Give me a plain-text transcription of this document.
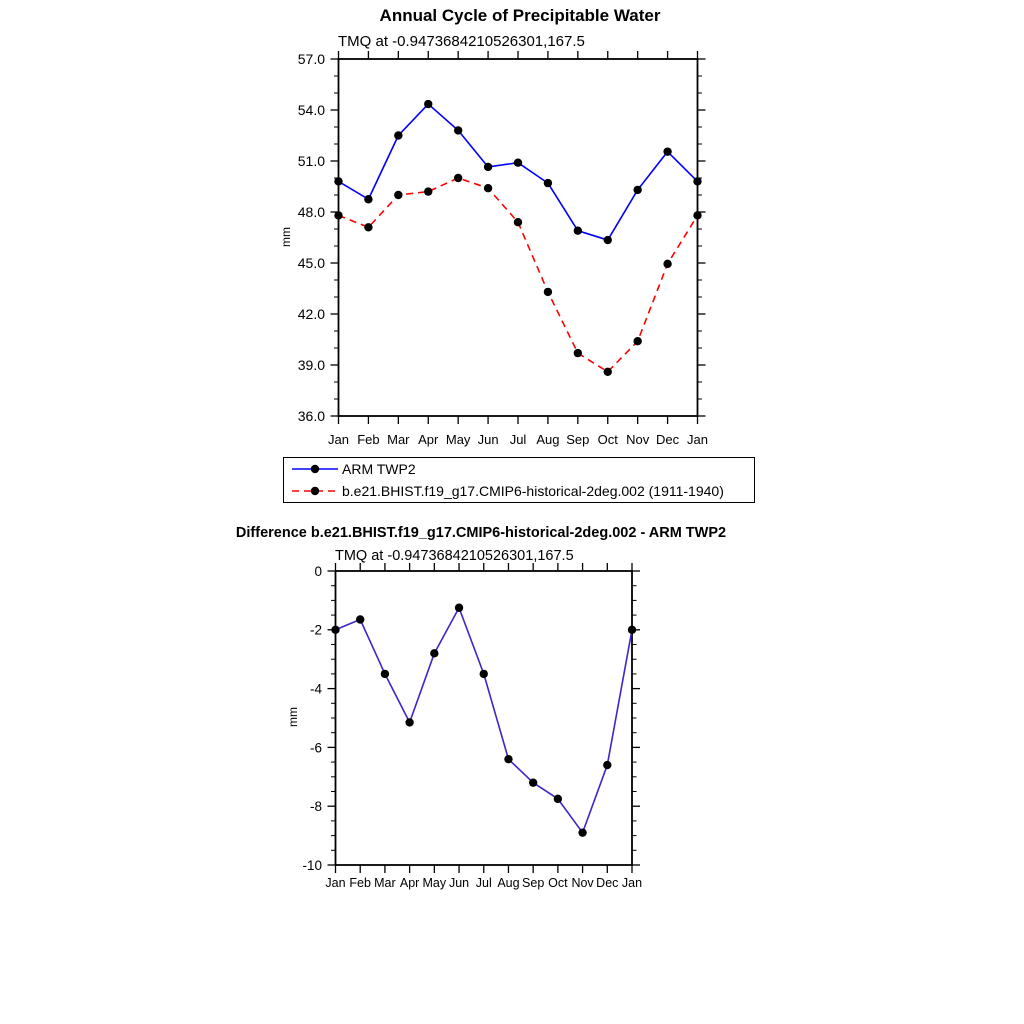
36.0
39.0
42.0
45.0
48.0
51.0
54.0
57.0
Jan Feb Mar Apr May Jun Jul Aug Sep Oct Nov Dec Jan
Annual Cycle of Precipitable Water
TMQ at -0.9473684210526301,167.5
mm
-10
-8
-6
-4
-2
0
Jan Feb Mar Apr May Jun Jul Aug Sep Oct Nov Dec Jan
Difference b.e21.BHIST.f19_g17.CMIP6-historical-2deg.002 - ARM TWP2
TMQ at -0.9473684210526301,167.5
mm
ARM TWP2
b.e21.BHIST.f19_g17.CMIP6-historical-2deg.002 (1911-1940)
